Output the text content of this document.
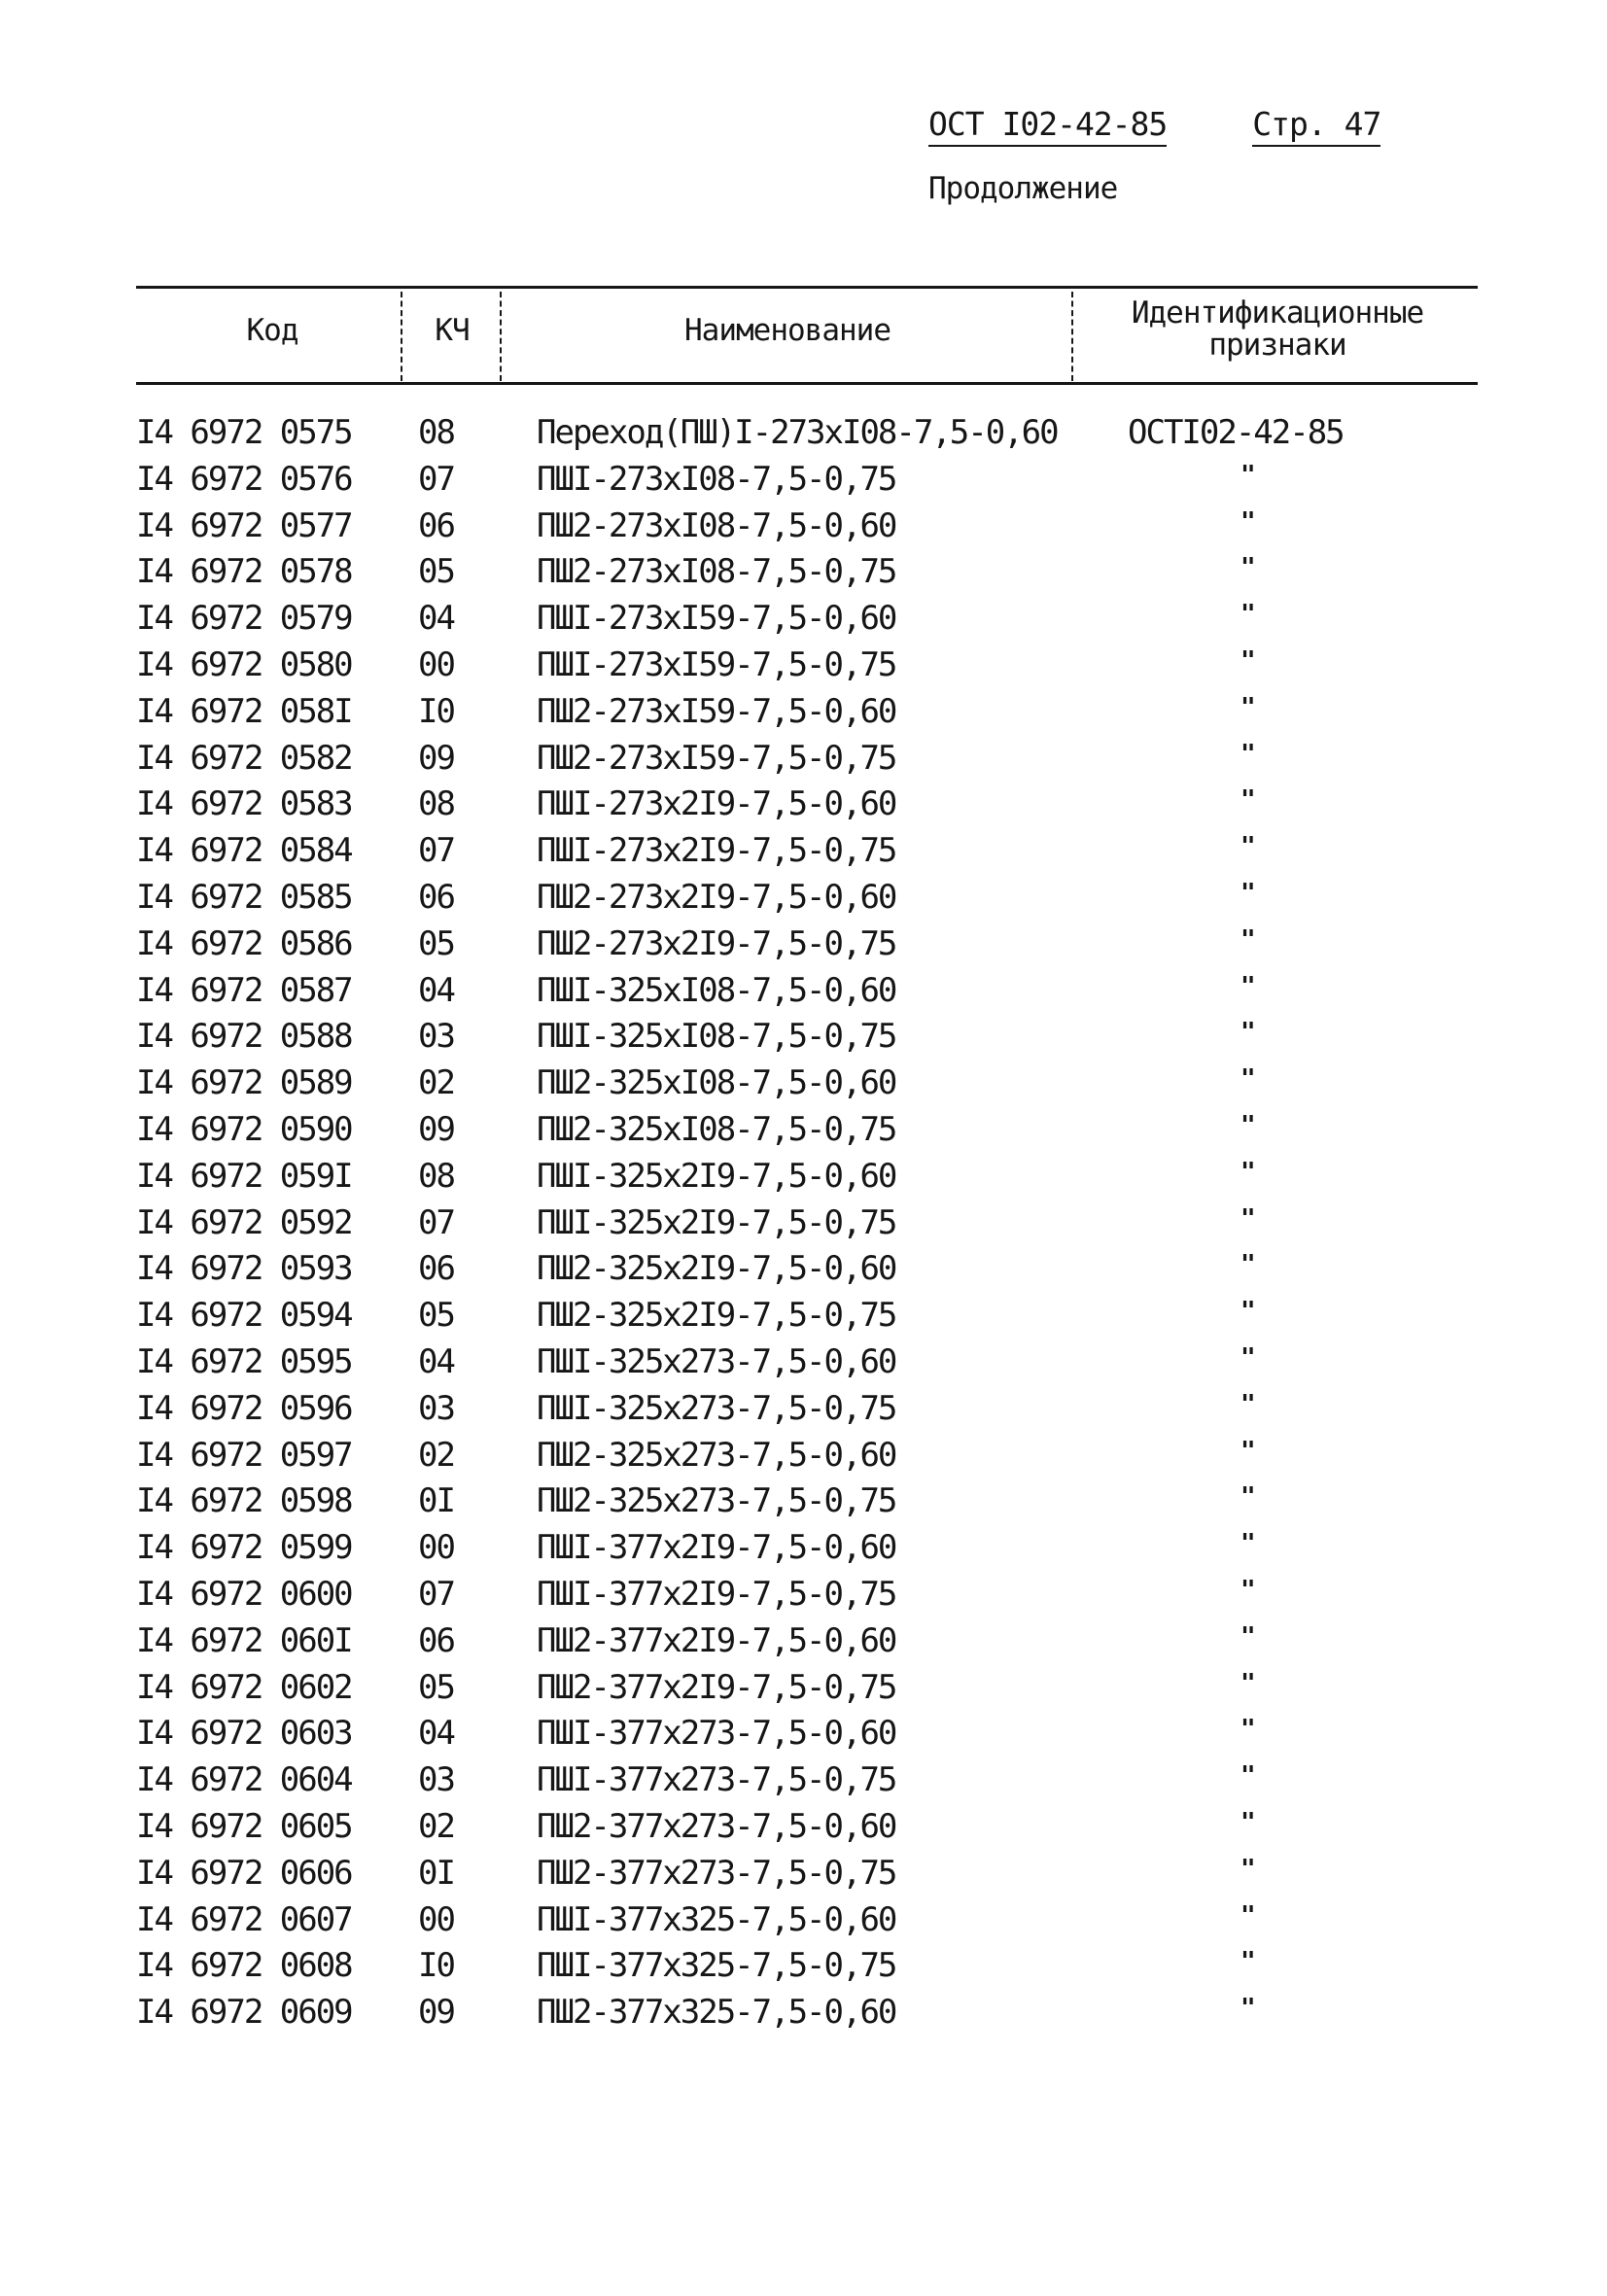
ОСТ I02-42-85	Стр. 47
Продолжение
Код	КЧ	Наименование	Идентификационные
признаки
I4 6972 0575 08	Переход(ПШ)I-273xI08-7,5-0,60 ОСТI02-42-85
I4 6972 0576 07	ПШI-273xI08-7,5-0,75	"
I4 6972 0577 06	ПШ2-273xI08-7,5-0,60	"
I4 6972 0578 05	ПШ2-273xI08-7,5-0,75	"
I4 6972 0579 04	ПШI-273xI59-7,5-0,60	"
I4 6972 0580 00	ПШI-273xI59-7,5-0,75	"
I4 6972 058I I0	ПШ2-273xI59-7,5-0,60	"
I4 6972 0582 09	ПШ2-273xI59-7,5-0,75	"
I4 6972 0583 08	ПШI-273x2I9-7,5-0,60	"
I4 6972 0584 07	ПШI-273x2I9-7,5-0,75	"
I4 6972 0585 06	ПШ2-273x2I9-7,5-0,60	"
I4 6972 0586 05	ПШ2-273x2I9-7,5-0,75	"
I4 6972 0587 04	ПШI-325xI08-7,5-0,60	"
I4 6972 0588 03	ПШI-325xI08-7,5-0,75	"
I4 6972 0589 02	ПШ2-325xI08-7,5-0,60	"
I4 6972 0590 09	ПШ2-325xI08-7,5-0,75	"
I4 6972 059I 08	ПШI-325x2I9-7,5-0,60	"
I4 6972 0592 07	ПШI-325x2I9-7,5-0,75	"
I4 6972 0593 06	ПШ2-325x2I9-7,5-0,60	"
I4 6972 0594 05	ПШ2-325x2I9-7,5-0,75	"
I4 6972 0595 04	ПШI-325x273-7,5-0,60	"
I4 6972 0596 03	ПШI-325x273-7,5-0,75	"
I4 6972 0597 02	ПШ2-325x273-7,5-0,60	"
I4 6972 0598 0I	ПШ2-325x273-7,5-0,75	"
I4 6972 0599 00	ПШI-377x2I9-7,5-0,60	"
I4 6972 0600 07	ПШI-377x2I9-7,5-0,75	"
I4 6972 060I 06	ПШ2-377x2I9-7,5-0,60	"
I4 6972 0602 05	ПШ2-377x2I9-7,5-0,75	"
I4 6972 0603 04	ПШI-377x273-7,5-0,60	"
I4 6972 0604 03	ПШI-377x273-7,5-0,75	"
I4 6972 0605 02	ПШ2-377x273-7,5-0,60	"
I4 6972 0606 0I	ПШ2-377x273-7,5-0,75	"
I4 6972 0607 00	ПШI-377x325-7,5-0,60	"
I4 6972 0608 I0	ПШI-377x325-7,5-0,75	"
I4 6972 0609 09	ПШ2-377x325-7,5-0,60	"
